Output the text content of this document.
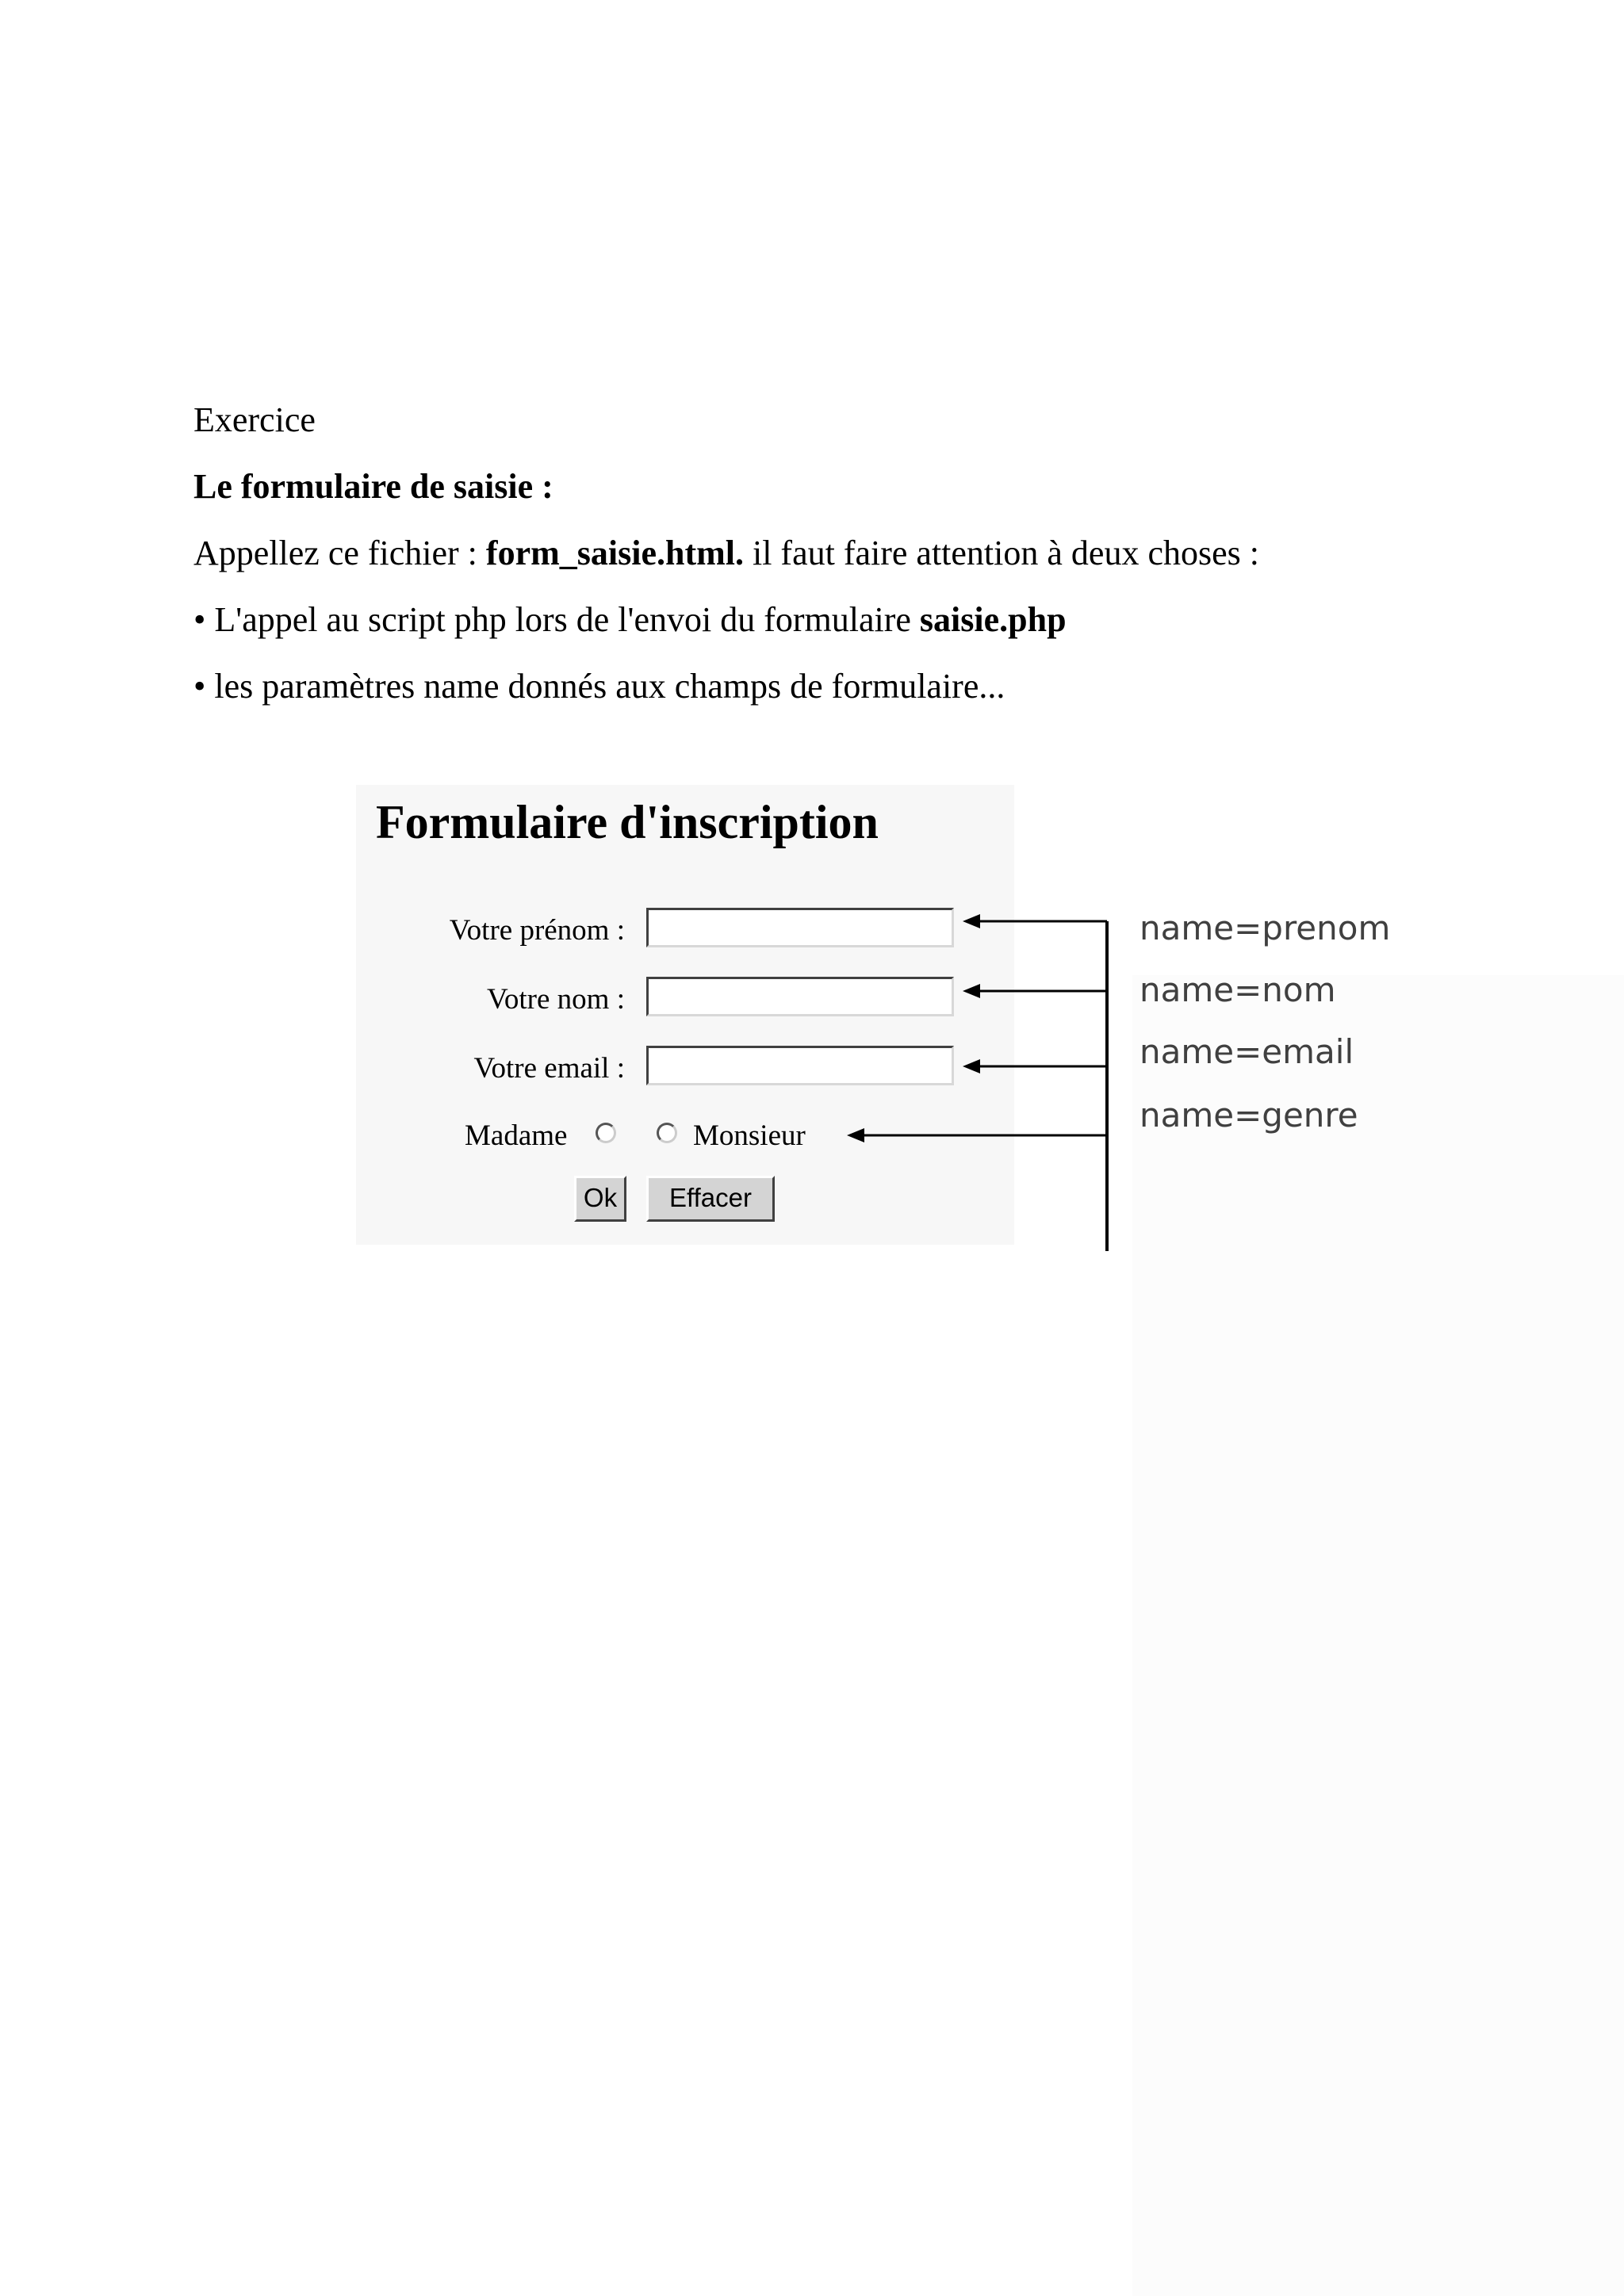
Exercice

Le formulaire de saisie :

Appellez ce fichier : form_saisie.html. il faut faire attention à deux choses :

• L'appel au script php lors de l'envoi du formulaire saisie.php

• les paramètres name donnés aux champs de formulaire...

Formulaire d'inscription
Votre prénom :
Votre nom :
Votre email :
Madame	Monsieur
Ok	Effacer
name=prenom
name=nom
name=email
name=genre
